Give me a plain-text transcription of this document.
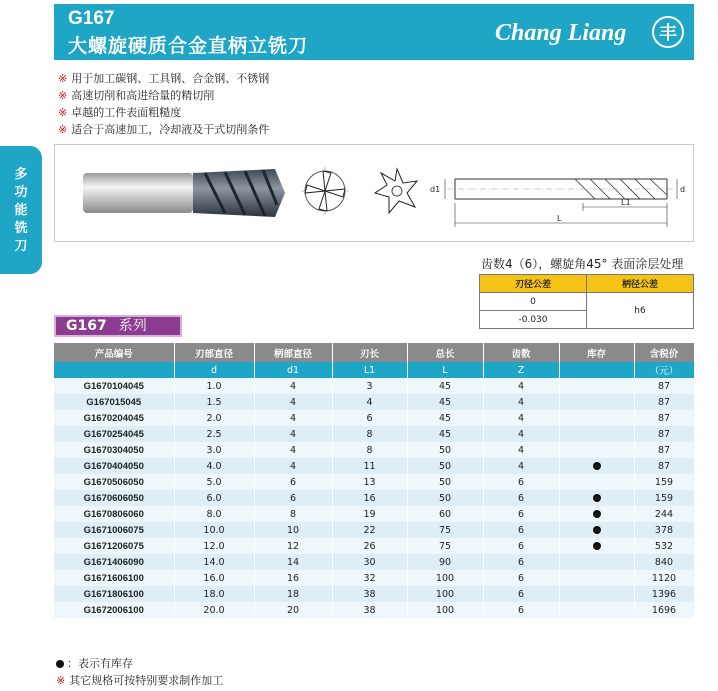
G167
大螺旋硬质合金直柄立铣刀	Chang Liang 丰
多
功
能
铣
刀
※ 用于加工碳钢、工具钢、合金钢、不锈钢
※ 高速切削和高进给量的精切削
※ 卓越的工件表面粗糙度
※ 适合于高速加工，冷却液及干式切削条件
d1	d
L1
L
齿数4（6），螺旋角45° 表面涂层处理
刃径公差	柄径公差
0	h6
-0.030	
G167 系列
产品编号	刃部直径	柄部直径	刃长	总长	齿数	库存	含税价
	d	d1	L1	L	Z		（元）
G1670104045	1.0	4	3	45	4		87
G167015045	1.5	4	4	45	4		87
G1670204045	2.0	4	6	45	4		87
G1670254045	2.5	4	8	45	4		87
G1670304050	3.0	4	8	50	4		87
G1670404050	4.0	4	11	50	4		87
G1670506050	5.0	6	13	50	6		159
G1670606050	6.0	6	16	50	6		159
G1670806060	8.0	8	19	60	6		244
G1671006075	10.0	10	22	75	6		378
G1671206075	12.0	12	26	75	6		532
G1671406090	14.0	14	30	90	6		840
G1671606100	16.0	16	32	100	6		1120
G1671806100	18.0	18	38	100	6		1396
G1672006100	20.0	20	38	100	6		1696
：表示有库存
※ 其它规格可按特别要求制作加工
